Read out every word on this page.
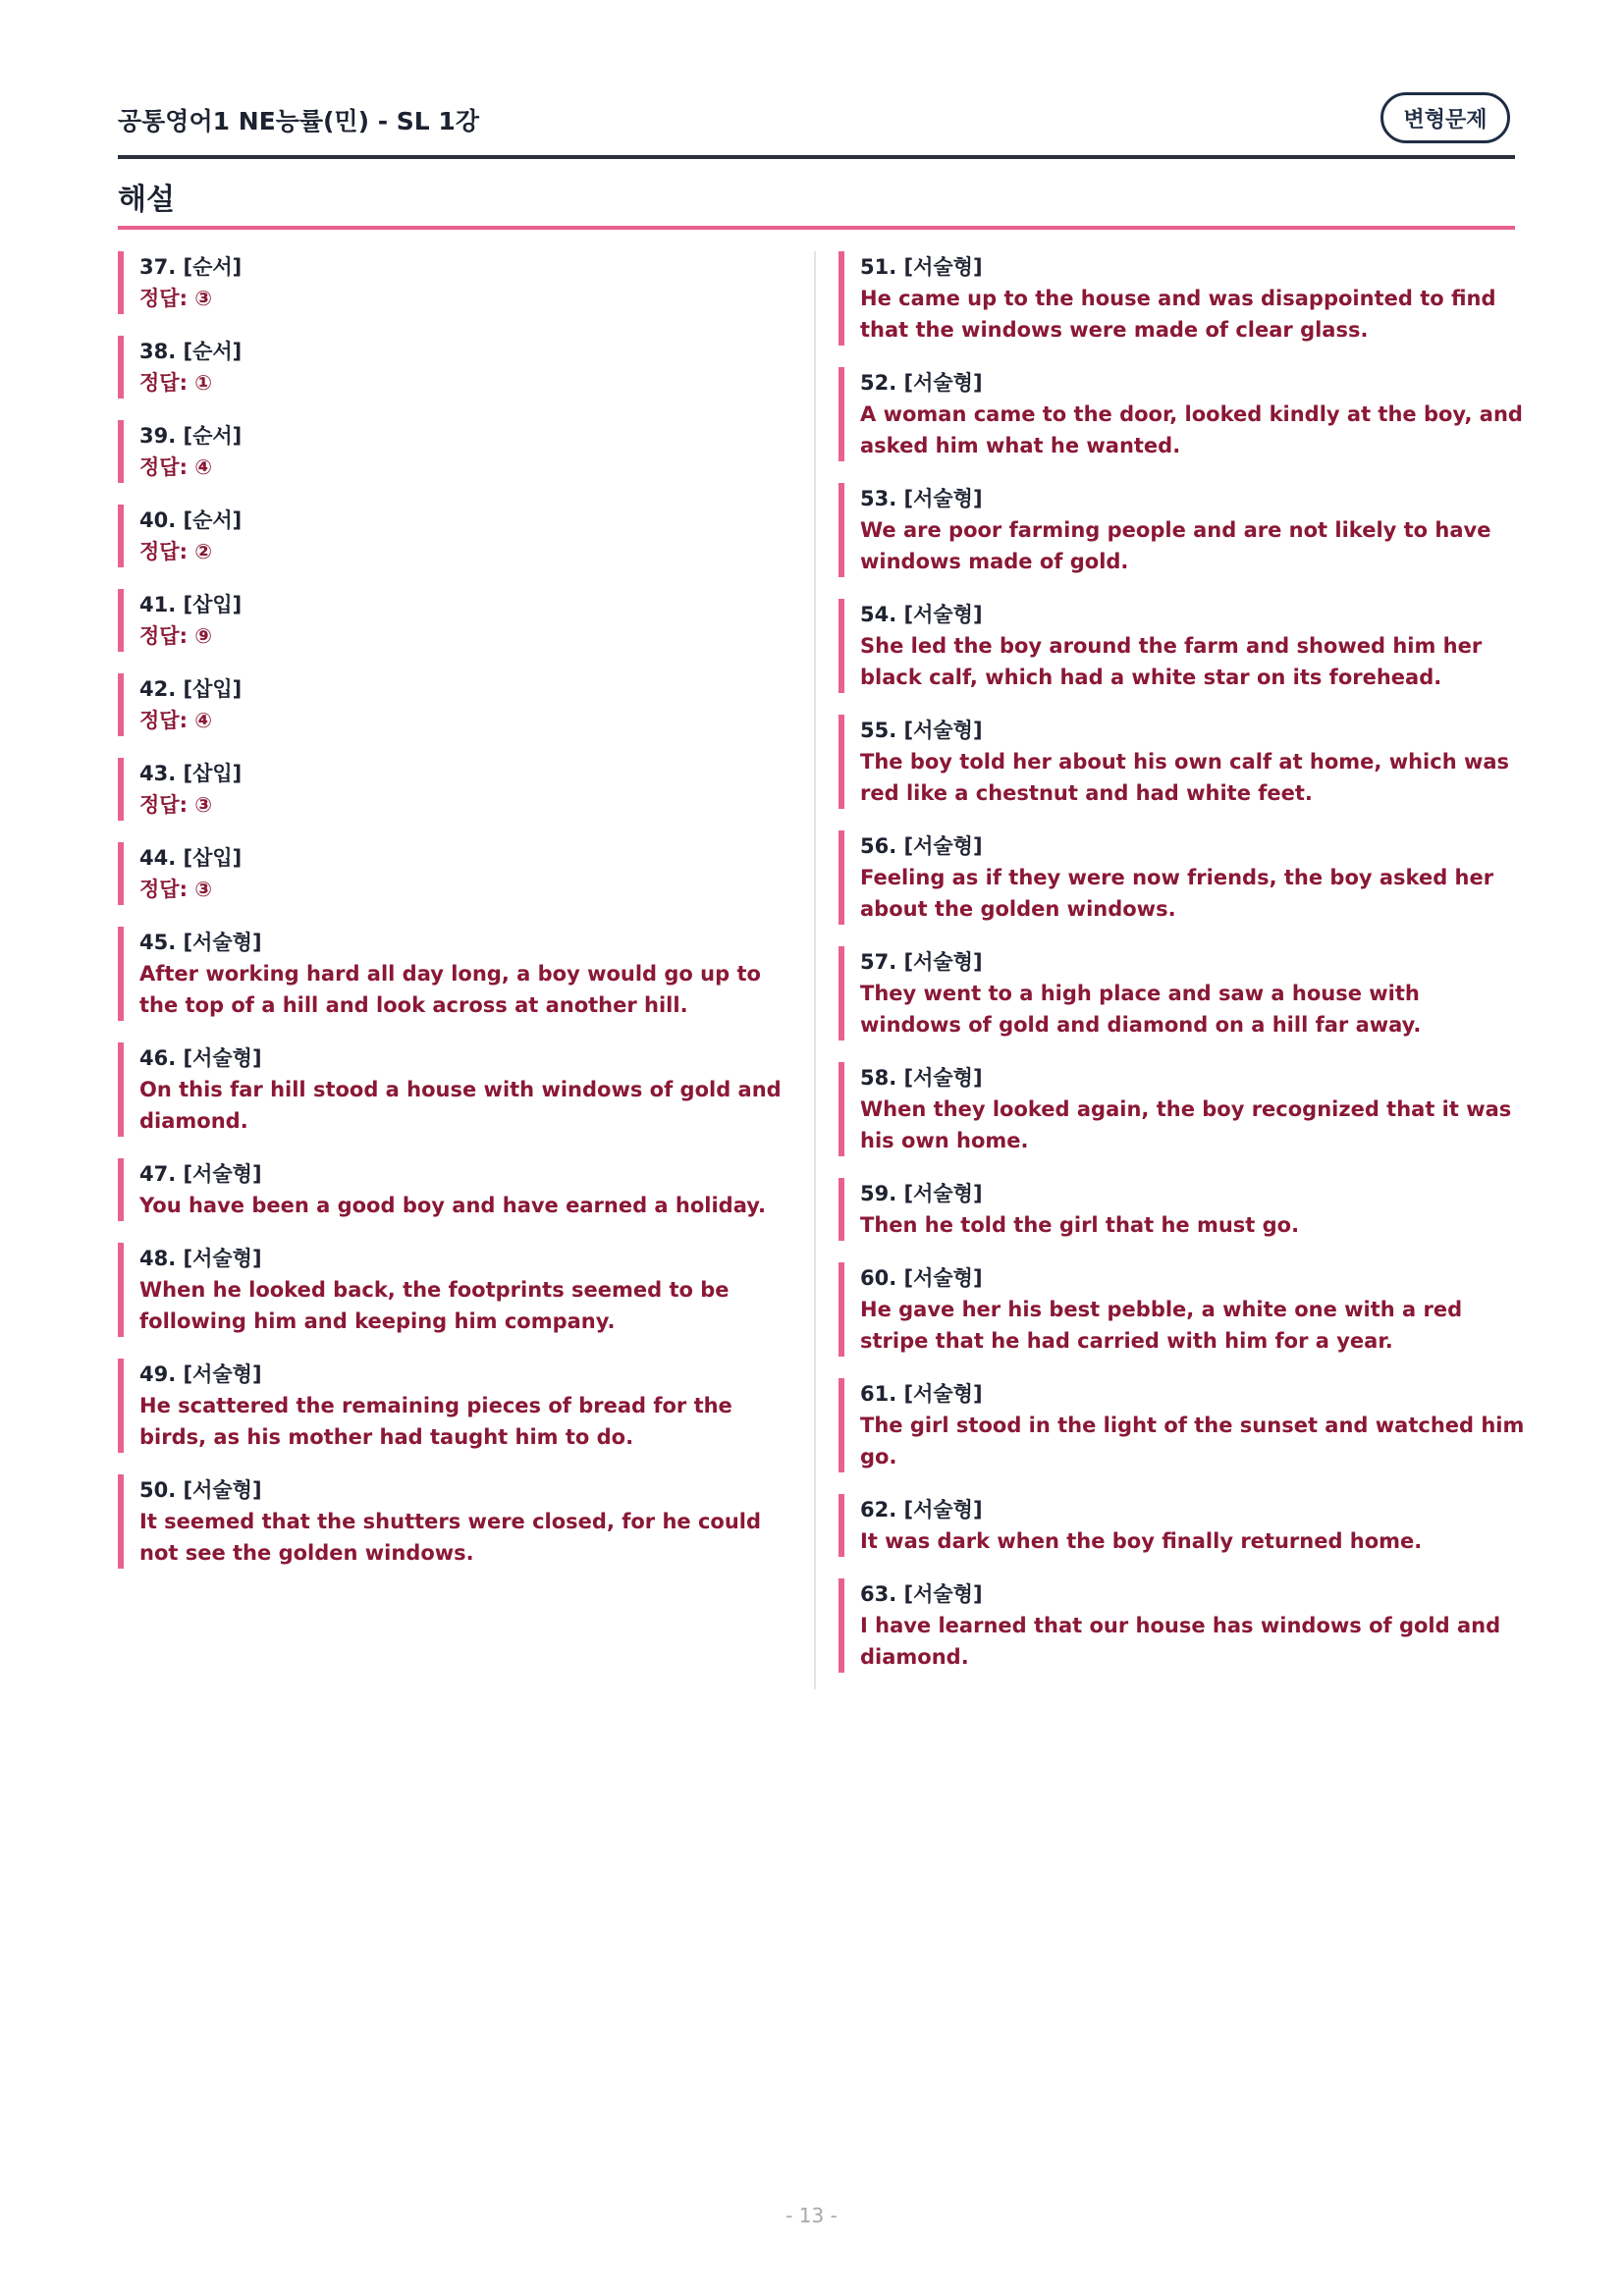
공통영어1 NE능률(민) - SL 1강	변형문제
해설
37. [순서]
정답: ③
38. [순서]
정답: ①
39. [순서]
정답: ④
40. [순서]
정답: ②
41. [삽입]
정답: ⑨
42. [삽입]
정답: ④
43. [삽입]
정답: ③
44. [삽입]
정답: ③
45. [서술형]
After working hard all day long, a boy would go up to the top of a hill and look across at another hill.
46. [서술형]
On this far hill stood a house with windows of gold and diamond.
47. [서술형]
You have been a good boy and have earned a holiday.
48. [서술형]
When he looked back, the footprints seemed to be following him and keeping him company.
49. [서술형]
He scattered the remaining pieces of bread for the birds, as his mother had taught him to do.
50. [서술형]
It seemed that the shutters were closed, for he could not see the golden windows.
51. [서술형]
He came up to the house and was disappointed to find that the windows were made of clear glass.
52. [서술형]
A woman came to the door, looked kindly at the boy, and asked him what he wanted.
53. [서술형]
We are poor farming people and are not likely to have windows made of gold.
54. [서술형]
She led the boy around the farm and showed him her black calf, which had a white star on its forehead.
55. [서술형]
The boy told her about his own calf at home, which was red like a chestnut and had white feet.
56. [서술형]
Feeling as if they were now friends, the boy asked her about the golden windows.
57. [서술형]
They went to a high place and saw a house with windows of gold and diamond on a hill far away.
58. [서술형]
When they looked again, the boy recognized that it was his own home.
59. [서술형]
Then he told the girl that he must go.
60. [서술형]
He gave her his best pebble, a white one with a red stripe that he had carried with him for a year.
61. [서술형]
The girl stood in the light of the sunset and watched him go.
62. [서술형]
It was dark when the boy finally returned home.
63. [서술형]
I have learned that our house has windows of gold and diamond.
- 13 -
